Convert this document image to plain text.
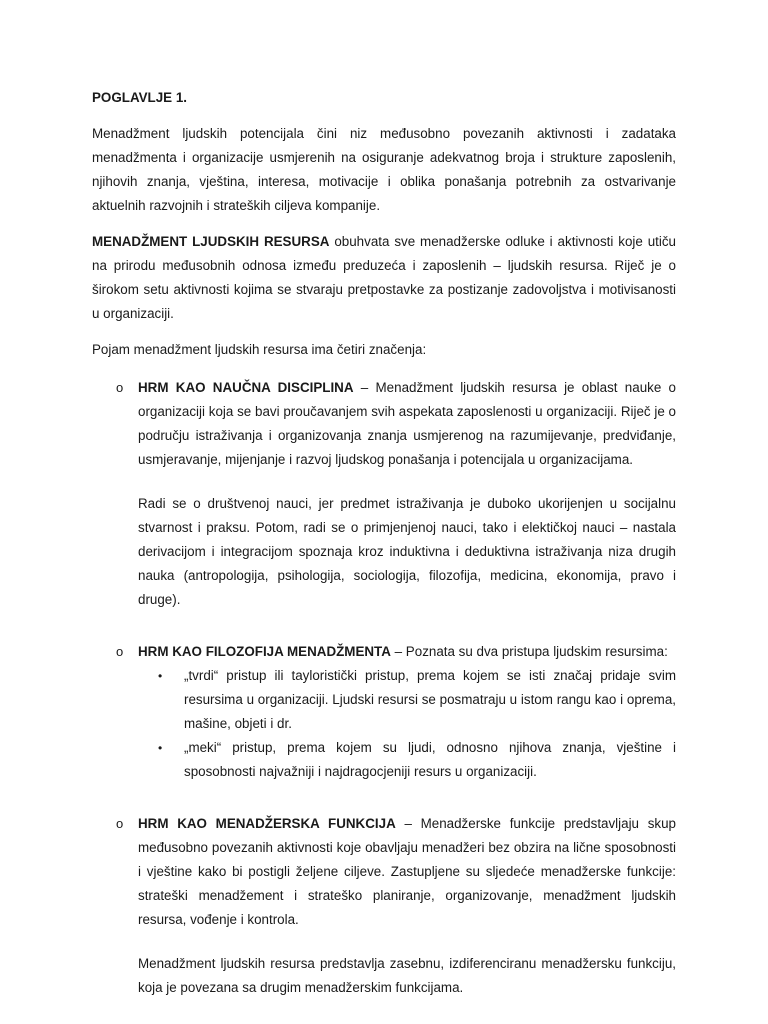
POGLAVLJE 1.

Menadžment ljudskih potencijala čini niz međusobno povezanih aktivnosti i zadataka menadžmenta i organizacije usmjerenih na osiguranje adekvatnog broja i strukture zaposlenih, njihovih znanja, vještina, interesa, motivacije i oblika ponašanja potrebnih za ostvarivanje aktuelnih razvojnih i strateških ciljeva kompanije.

MENADŽMENT LJUDSKIH RESURSA obuhvata sve menadžerske odluke i aktivnosti koje utiču na prirodu međusobnih odnosa između preduzeća i zaposlenih – ljudskih resursa. Riječ je o širokom setu aktivnosti kojima se stvaraju pretpostavke za postizanje zadovoljstva i motivisanosti u organizaciji.

Pojam menadžment ljudskih resursa ima četiri značenja:

o HRM KAO NAUČNA DISCIPLINA – Menadžment ljudskih resursa je oblast nauke o organizaciji koja se bavi proučavanjem svih aspekata zaposlenosti u organizaciji. Riječ je o području istraživanja i organizovanja znanja usmjerenog na razumijevanje, predviđanje, usmjeravanje, mijenjanje i razvoj ljudskog ponašanja i potencijala u organizacijama.

Radi se o društvenoj nauci, jer predmet istraživanja je duboko ukorijenjen u socijalnu stvarnost i praksu. Potom, radi se o primjenjenoj nauci, tako i elektičkoj nauci – nastala derivacijom i integracijom spoznaja kroz induktivna i deduktivna istraživanja niza drugih nauka (antropologija, psihologija, sociologija, filozofija, medicina, ekonomija, pravo i druge).

o HRM KAO FILOZOFIJA MENADŽMENTA – Poznata su dva pristupa ljudskim resursima:

• „tvrdi“ pristup ili tayloristički pristup, prema kojem se isti značaj pridaje svim resursima u organizaciji. Ljudski resursi se posmatraju u istom rangu kao i oprema, mašine, objeti i dr.
• „meki“ pristup, prema kojem su ljudi, odnosno njihova znanja, vještine i sposobnosti najvažniji i najdragocjeniji resurs u organizaciji.
o HRM KAO MENADŽERSKA FUNKCIJA – Menadžerske funkcije predstavljaju skup međusobno povezanih aktivnosti koje obavljaju menadžeri bez obzira na lične sposobnosti i vještine kako bi postigli željene ciljeve. Zastupljene su sljedeće menadžerske funkcije: strateški menadžement i strateško planiranje, organizovanje, menadžment ljudskih resursa, vođenje i kontrola.

Menadžment ljudskih resursa predstavlja zasebnu, izdiferenciranu menadžersku funkciju, koja je povezana sa drugim menadžerskim funkcijama.
